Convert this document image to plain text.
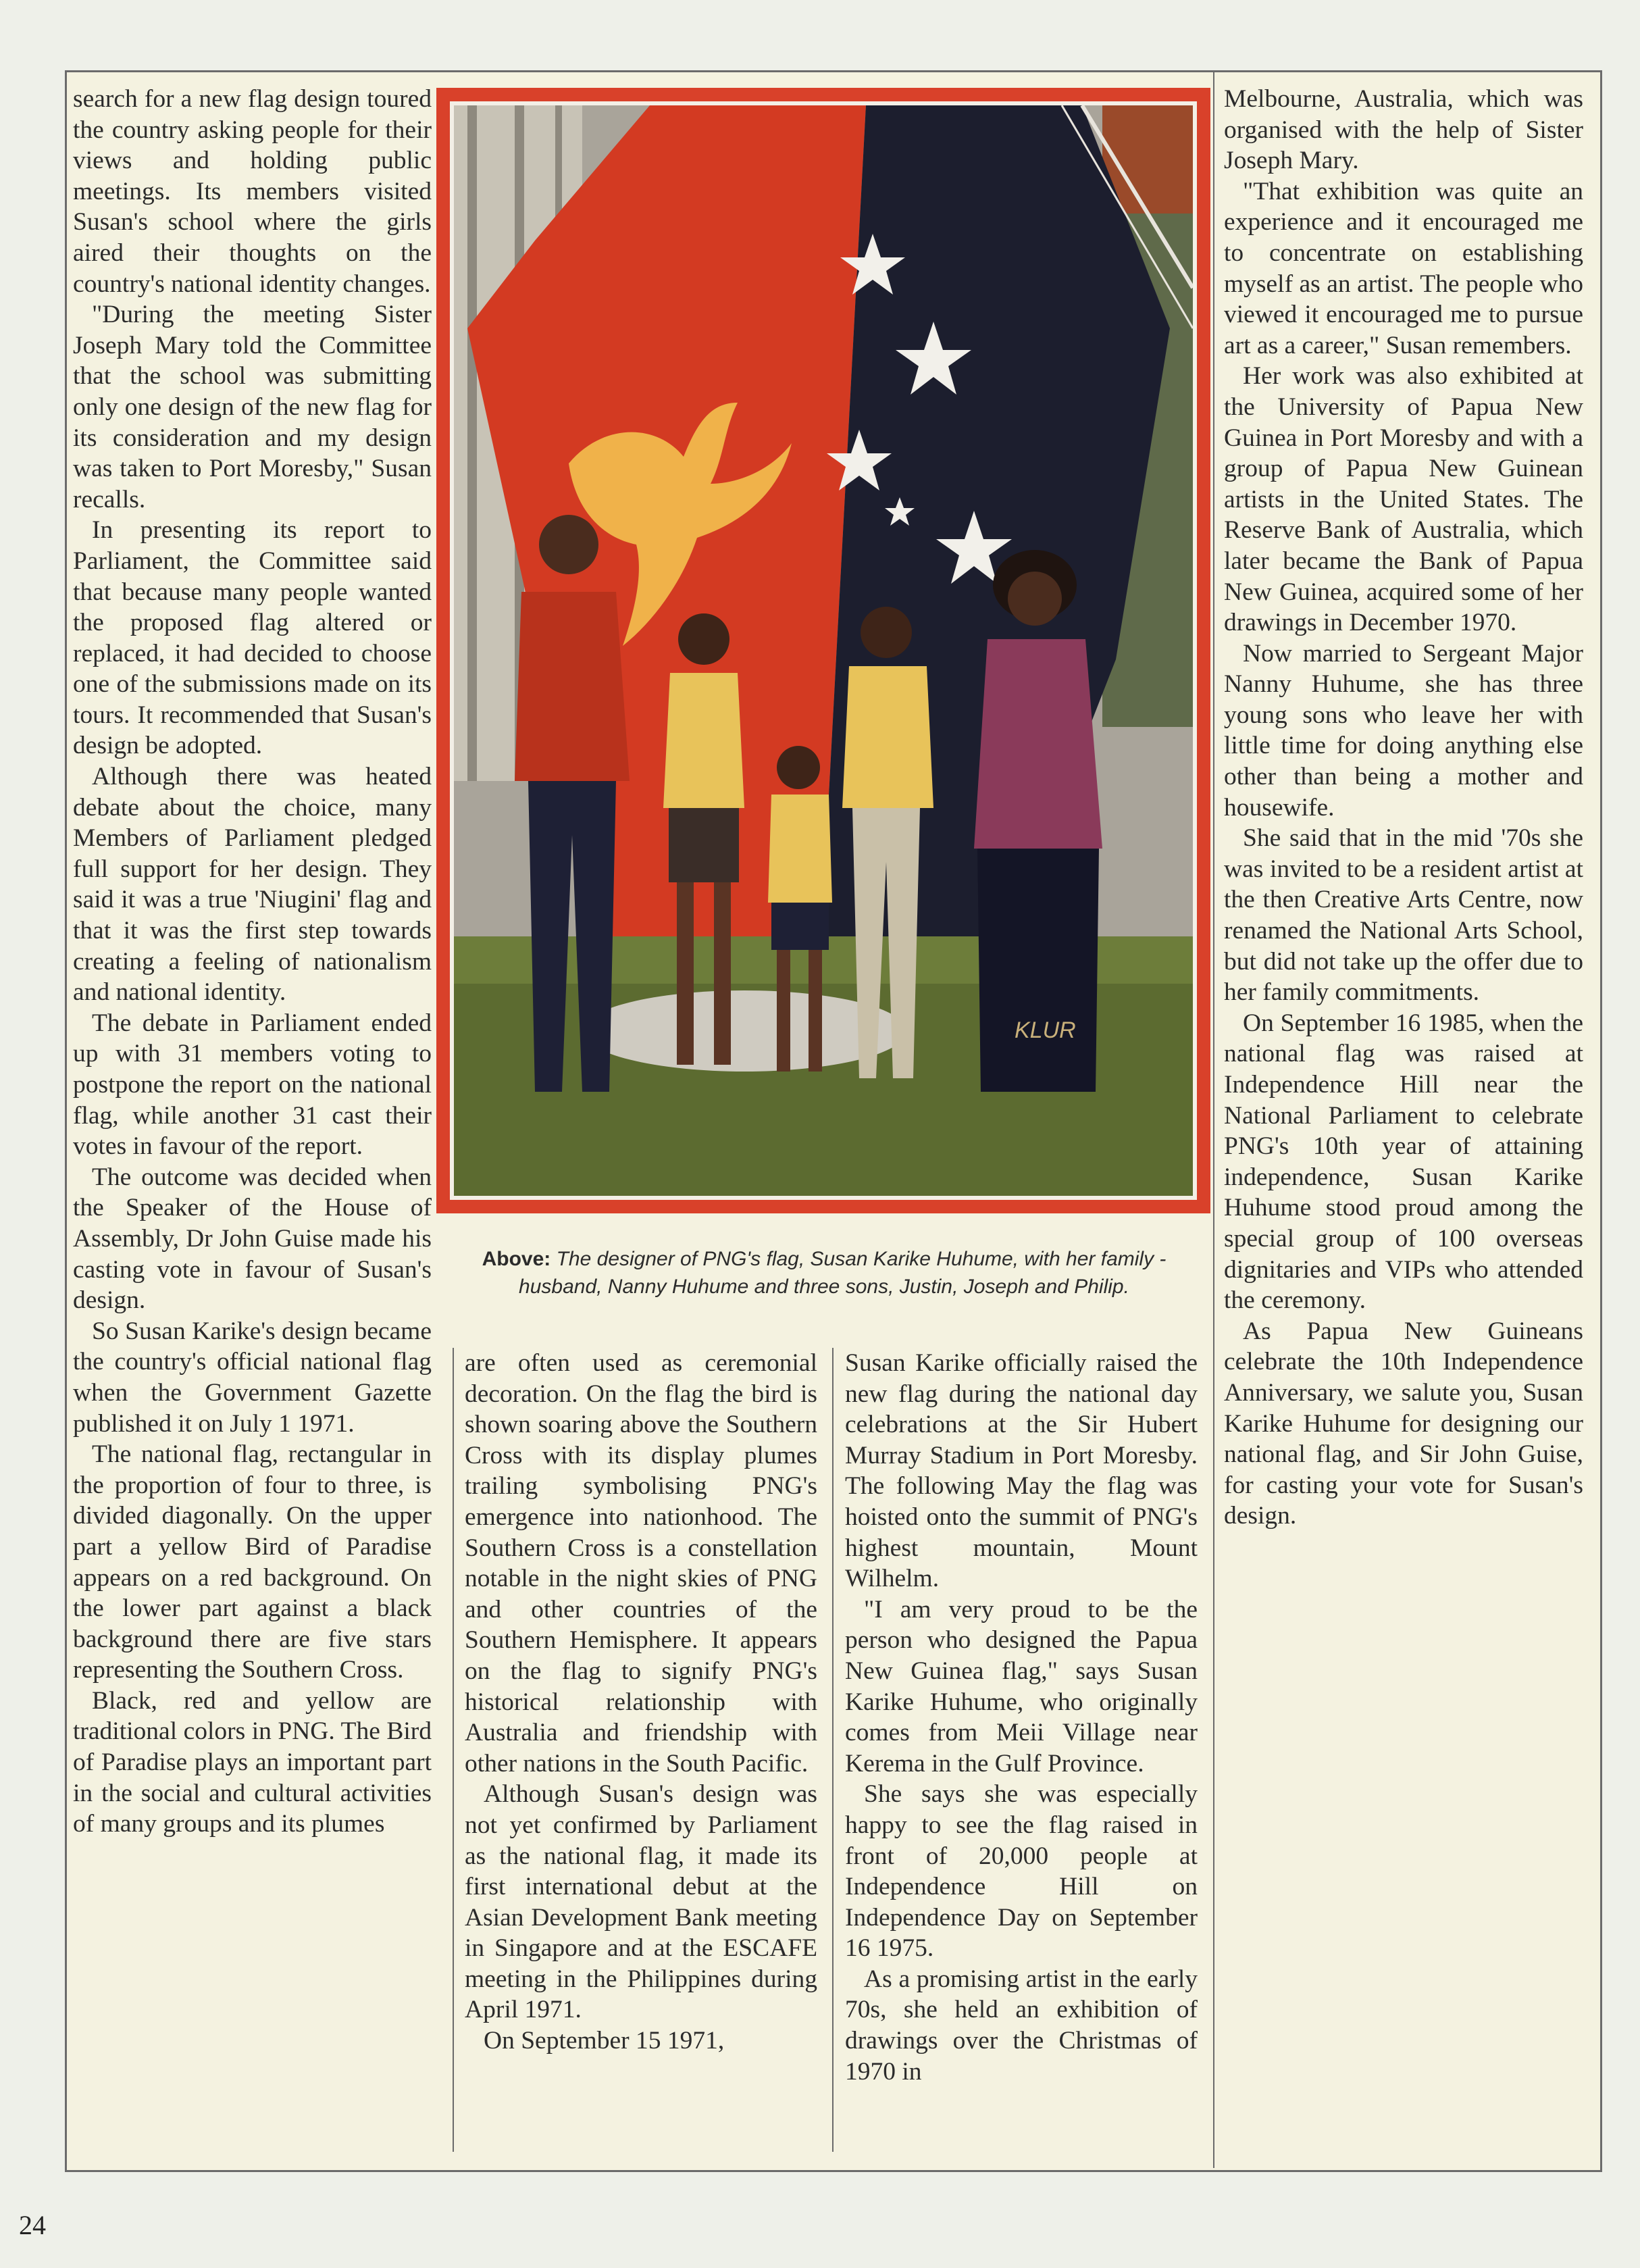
search for a new flag design toured the country asking people for their views and holding public meetings. Its members visited Susan's school where the girls aired their thoughts on the country's national identity changes.

"During the meeting Sister Joseph Mary told the Committee that the school was submitting only one design of the new flag for its consideration and my design was taken to Port Moresby," Susan recalls.

In presenting its report to Parliament, the Committee said that because many people wanted the proposed flag altered or replaced, it had decided to choose one of the submissions made on its tours. It recommended that Susan's design be adopted.

Although there was heated debate about the choice, many Members of Parliament pledged full support for her design. They said it was a true 'Niugini' flag and that it was the first step towards creating a feeling of nationalism and national identity.

The debate in Parliament ended up with 31 members voting to postpone the report on the national flag, while another 31 cast their votes in favour of the report.

The outcome was decided when the Speaker of the House of Assembly, Dr John Guise made his casting vote in favour of Susan's design.

So Susan Karike's design became the country's official national flag when the Government Gazette published it on July 1 1971.

The national flag, rectangular in the proportion of four to three, is divided diagonally. On the upper part a yellow Bird of Paradise appears on a red background. On the lower part against a black background there are five stars representing the Southern Cross.

Black, red and yellow are traditional colors in PNG. The Bird of Paradise plays an important part in the social and cultural activities of many groups and its plumes

are often used as ceremonial decoration. On the flag the bird is shown soaring above the Southern Cross with its display plumes trailing symbolising PNG's emergence into nationhood. The Southern Cross is a constellation notable in the night skies of PNG and other countries of the Southern Hemisphere. It appears on the flag to signify PNG's historical relationship with Australia and friendship with other nations in the South Pacific.

Although Susan's design was not yet confirmed by Parliament as the national flag, it made its first international debut at the Asian Development Bank meeting in Singapore and at the ESCAFE meeting in the Philippines during April 1971.

On September 15 1971,

Susan Karike officially raised the new flag during the national day celebrations at the Sir Hubert Murray Stadium in Port Moresby. The following May the flag was hoisted onto the summit of PNG's highest mountain, Mount Wilhelm.

"I am very proud to be the person who designed the Papua New Guinea flag," says Susan Karike Huhume, who originally comes from Meii Village near Kerema in the Gulf Province.

She says she was especially happy to see the flag raised in front of 20,000 people at Independence Hill on Independence Day on September 16 1975.

As a promising artist in the early 70s, she held an exhibition of drawings over the Christmas of 1970 in

Melbourne, Australia, which was organised with the help of Sister Joseph Mary.

"That exhibition was quite an experience and it encouraged me to concentrate on establishing myself as an artist. The people who viewed it encouraged me to pursue art as a career," Susan remembers.

Her work was also exhibited at the University of Papua New Guinea in Port Moresby and with a group of Papua New Guinean artists in the United States. The Reserve Bank of Australia, which later became the Bank of Papua New Guinea, acquired some of her drawings in December 1970.

Now married to Sergeant Major Nanny Huhume, she has three young sons who leave her with little time for doing anything else other than being a mother and housewife.

She said that in the mid '70s she was invited to be a resident artist at the then Creative Arts Centre, now renamed the National Arts School, but did not take up the offer due to her family commitments.

On September 16 1985, when the national flag was raised at Independence Hill near the National Parliament to celebrate PNG's 10th year of attaining independence, Susan Karike Huhume stood proud among the special group of 100 overseas dignitaries and VIPs who attended the ceremony.

As Papua New Guineans celebrate the 10th Independence Anniversary, we salute you, Susan Karike Huhume for designing our national flag, and Sir John Guise, for casting your vote for Susan's design.

KLUR
Above: The designer of PNG's flag, Susan Karike Huhume, with her family - husband, Nanny Huhume and three sons, Justin, Joseph and Philip.
24
